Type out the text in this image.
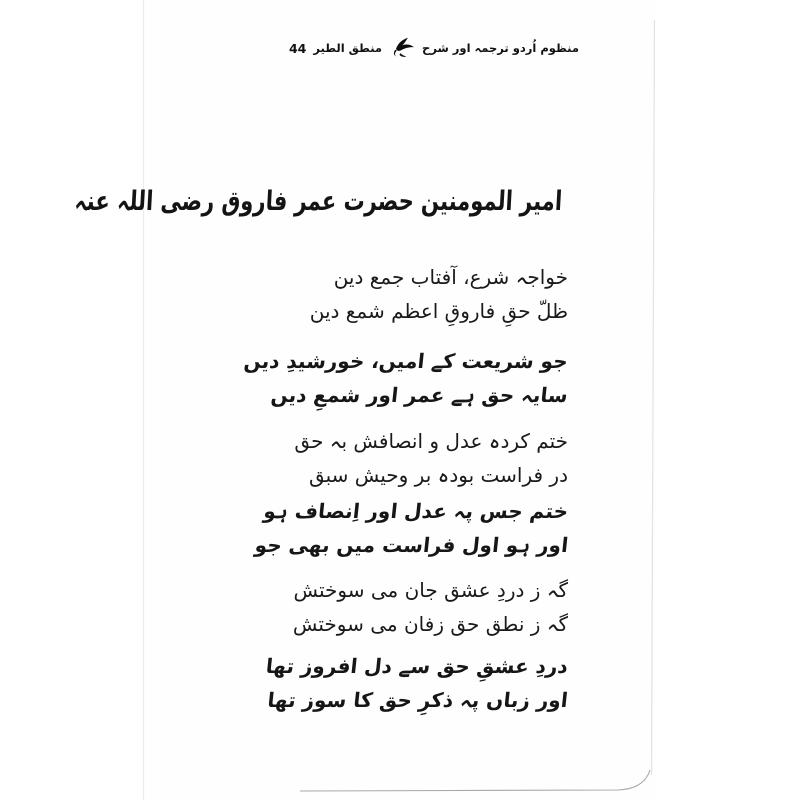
منظوم اُردو ترجمہ اور شرح
منطق الطیر
44
امیر المومنین حضرت عمر فاروق رضی اللہ عنہ
خواجہ شرع، آفتاب جمع دین
ظلّ حقِ فاروقِ اعظم شمع دین
جو شریعت کے امیں، خورشیدِ دیں
سایہ حق ہے عمر اور شمعِ دیں
ختم کردہ عدل و انصافش بہ حق
در فراست بودہ بر وحیش سبق
ختم جس پہ عدل اور اِنصاف ہو
اور ہو اول فراست میں بھی جو
گہ ز دردِ عشق جان می سوختش
گہ ز نطق حق زفان می سوختش
دردِ عشقِ حق سے دل افروز تھا
اور زباں پہ ذکرِ حق کا سوز تھا
